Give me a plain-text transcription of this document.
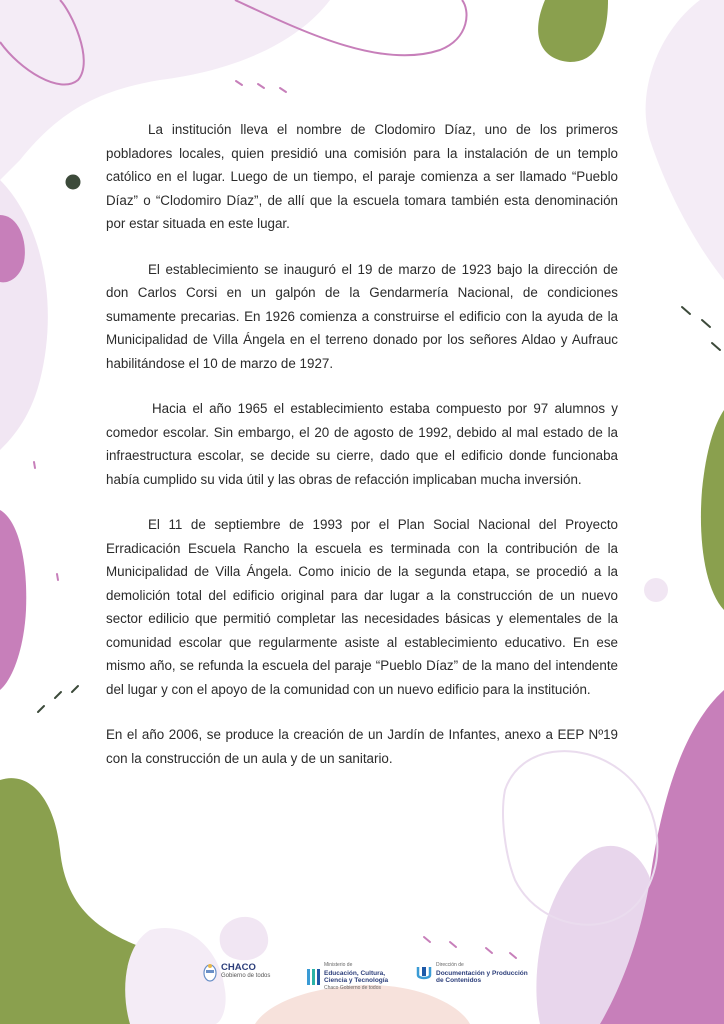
La institución lleva el nombre de Clodomiro Díaz, uno de los primeros pobladores locales, quien presidió una comisión para la instalación de un templo católico en el lugar. Luego de un tiempo, el paraje comienza a ser llamado “Pueblo Díaz” o “Clodomiro Díaz”, de allí que la escuela tomara también esta denominación por estar situada en este lugar.

El establecimiento se inauguró el 19 de marzo de 1923 bajo la dirección de don Carlos Corsi en un galpón de la Gendarmería Nacional, de condiciones sumamente precarias. En 1926 comienza a construirse el edificio con la ayuda de la Municipalidad de Villa Ángela en el terreno donado por los señores Aldao y Aufrauc habilitándose el 10 de marzo de 1927.

Hacia el año 1965 el establecimiento estaba compuesto por 97 alumnos y comedor escolar. Sin embargo, el 20 de agosto de 1992, debido al mal estado de la infraestructura escolar, se decide su cierre, dado que el edificio donde funcionaba había cumplido su vida útil y las obras de refacción implicaban mucha inversión.

El 11 de septiembre de 1993 por el Plan Social Nacional del Proyecto Erradicación Escuela Rancho la escuela es terminada con la contribución de la Municipalidad de Villa Ángela. Como inicio de la segunda etapa, se procedió a la demolición total del edificio original para dar lugar a la construcción de un nuevo sector edilicio que permitió completar las necesidades básicas y elementales de la comunidad escolar que regularmente asiste al establecimiento educativo. En ese mismo año, se refunda la escuela del paraje “Pueblo Díaz” de la mano del intendente del lugar y con el apoyo de la comunidad con un nuevo edificio para la institución.

En el año 2006, se produce la creación de un Jardín de Infantes, anexo a EEP Nº19 con la construcción de un aula y de un sanitario.

CHACO
Gobierno de todos
Ministerio de
Educación, Cultura,
Ciencia y Tecnología
Chaco Gobierno de todos
Dirección de
Documentación y Producción
de Contenidos
